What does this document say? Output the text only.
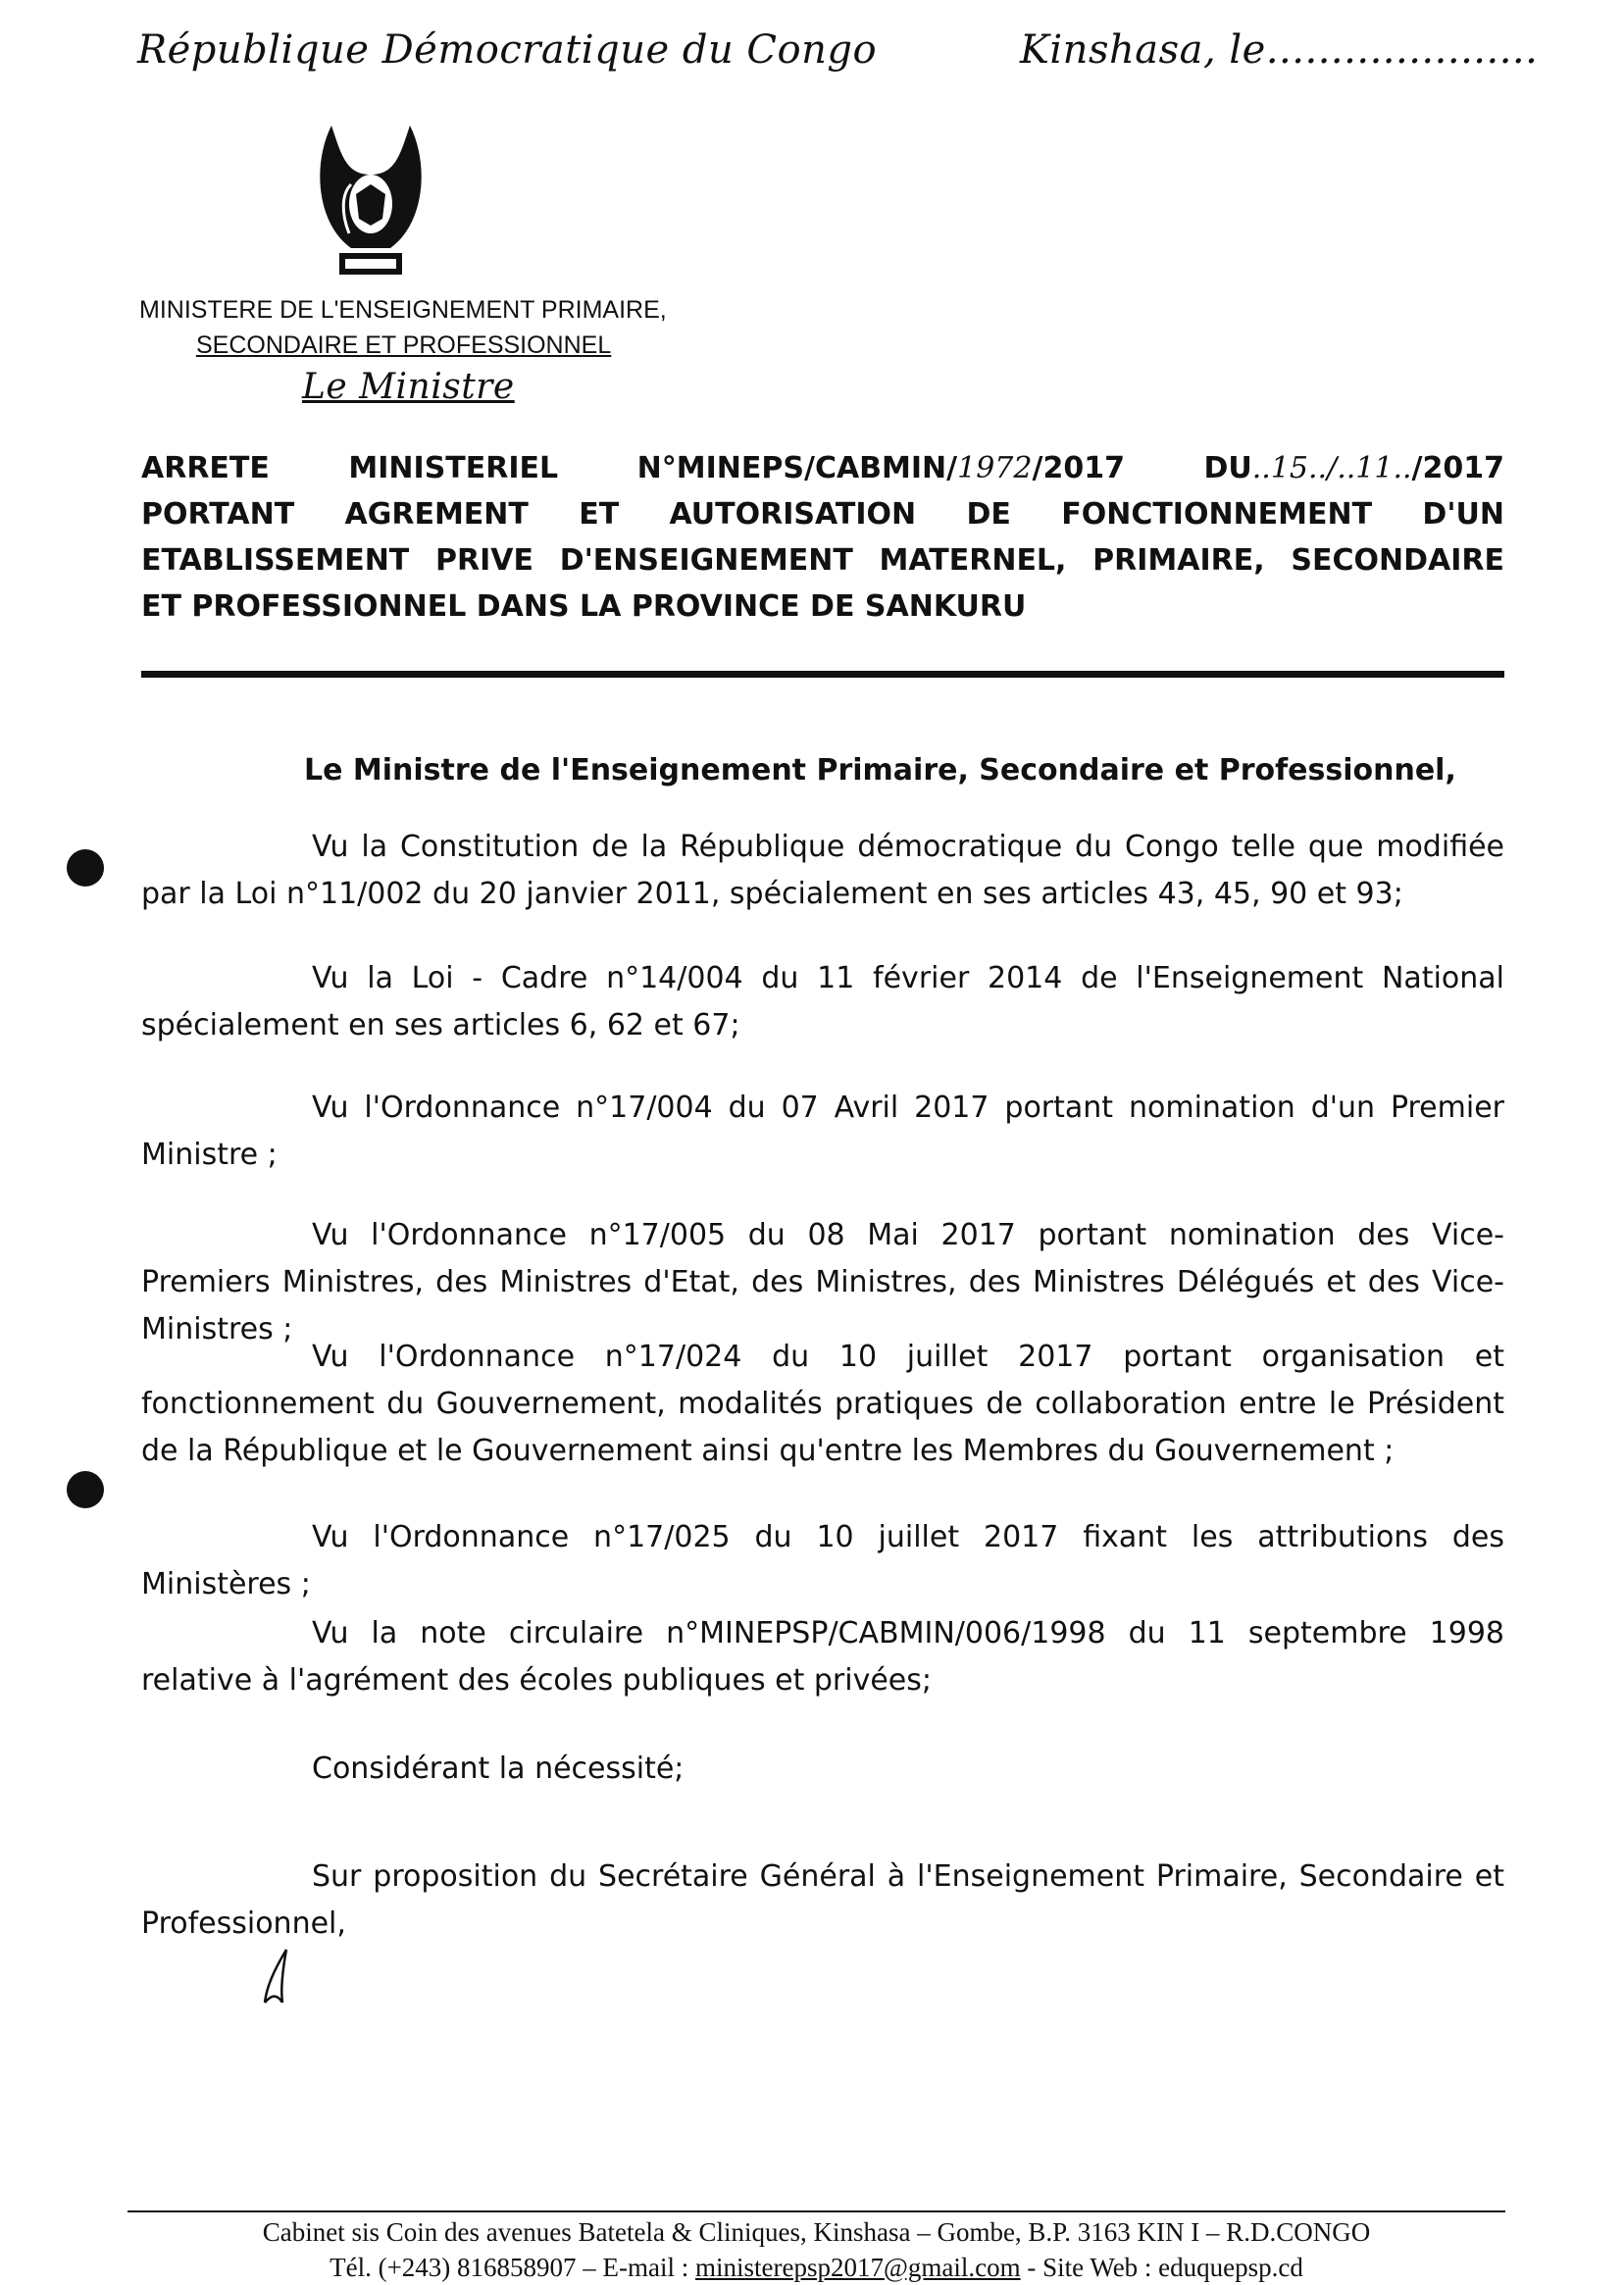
République Démocratique du Congo	Kinshasa, le.....................
MINISTERE DE L'ENSEIGNEMENT PRIMAIRE,
SECONDAIRE ET PROFESSIONNEL
Le Ministre
ARRETE MINISTERIEL N°MINEPS/CABMIN/1972/2017 DU..15../..11../2017
PORTANT AGREMENT ET AUTORISATION DE FONCTIONNEMENT D'UN
ETABLISSEMENT PRIVE D'ENSEIGNEMENT MATERNEL, PRIMAIRE, SECONDAIRE
ET PROFESSIONNEL DANS LA PROVINCE DE SANKURU
Le Ministre de l'Enseignement Primaire, Secondaire et Professionnel,
Vu la Constitution de la République démocratique du Congo telle que modifiée par la Loi n°11/002 du 20 janvier 2011, spécialement en ses articles 43, 45, 90 et 93;
Vu la Loi - Cadre n°14/004 du 11 février 2014 de l'Enseignement National spécialement en ses articles 6, 62 et 67;
Vu l'Ordonnance n°17/004 du 07 Avril 2017 portant nomination d'un Premier Ministre ;
Vu l'Ordonnance n°17/005 du 08 Mai 2017 portant nomination des Vice-Premiers Ministres, des Ministres d'Etat, des Ministres, des Ministres Délégués et des Vice-Ministres ;
Vu l'Ordonnance n°17/024 du 10 juillet 2017 portant organisation et fonctionnement du Gouvernement, modalités pratiques de collaboration entre le Président de la République et le Gouvernement ainsi qu'entre les Membres du Gouvernement ;
Vu l'Ordonnance n°17/025 du 10 juillet 2017 fixant les attributions des Ministères ;
Vu la note circulaire n°MINEPSP/CABMIN/006/1998 du 11 septembre 1998 relative à l'agrément des écoles publiques et privées;
Considérant la nécessité;
Sur proposition du Secrétaire Général à l'Enseignement Primaire, Secondaire et Professionnel,
Cabinet sis Coin des avenues Batetela & Cliniques, Kinshasa – Gombe, B.P. 3163 KIN I – R.D.CONGO
Tél. (+243) 816858907 – E-mail : ministerepsp2017@gmail.com - Site Web : eduquepsp.cd
